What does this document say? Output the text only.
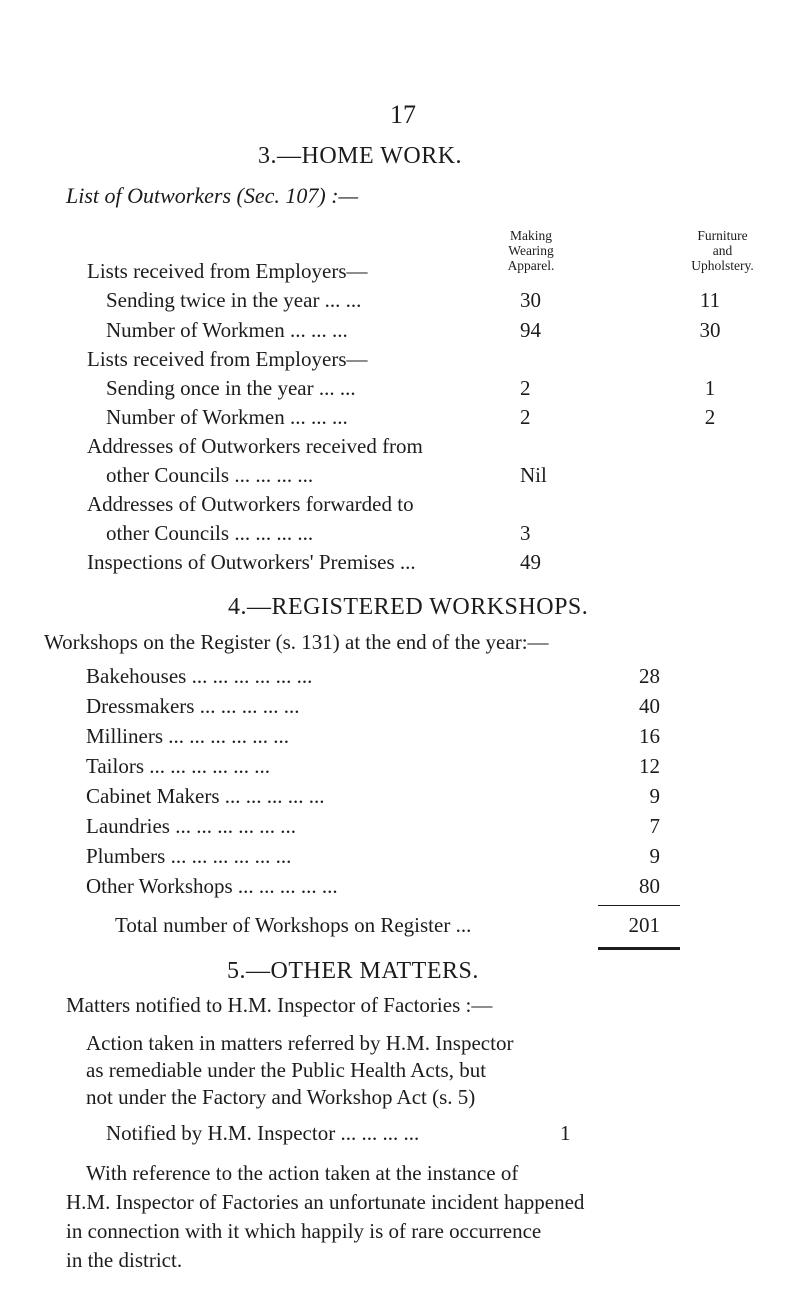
17
3.—HOME WORK.
List of Outworkers (Sec. 107) :—
Making
Wearing
Apparel.
Furniture
and
Upholstery.
Lists received from Employers—
Sending twice in the year ... ...	30	11
Number of Workmen ... ... ...	94	30
Lists received from Employers—
Sending once in the year ... ...	2	1
Number of Workmen ... ... ...	2	2
Addresses of Outworkers received from
other Councils ... ... ... ...	Nil
Addresses of Outworkers forwarded to
other Councils ... ... ... ...	3
Inspections of Outworkers' Premises ...	49
4.—REGISTERED WORKSHOPS.
Workshops on the Register (s. 131) at the end of the year:—
Bakehouses ... ... ... ... ... ...	28
Dressmakers ... ... ... ... ...	40
Milliners ... ... ... ... ... ...	16
Tailors ... ... ... ... ... ...	12
Cabinet Makers ... ... ... ... ...	9
Laundries ... ... ... ... ... ...	7
Plumbers ... ... ... ... ... ...	9
Other Workshops ... ... ... ... ...	80
Total number of Workshops on Register ...	201
5.—OTHER MATTERS.
Matters notified to H.M. Inspector of Factories :—
Action taken in matters referred by H.M. Inspector
as remediable under the Public Health Acts, but
not under the Factory and Workshop Act (s. 5)
Notified by H.M. Inspector ... ... ... ...	1
With reference to the action taken at the instance of
H.M. Inspector of Factories an unfortunate incident happened
in connection with it which happily is of rare occurrence
in the district.
